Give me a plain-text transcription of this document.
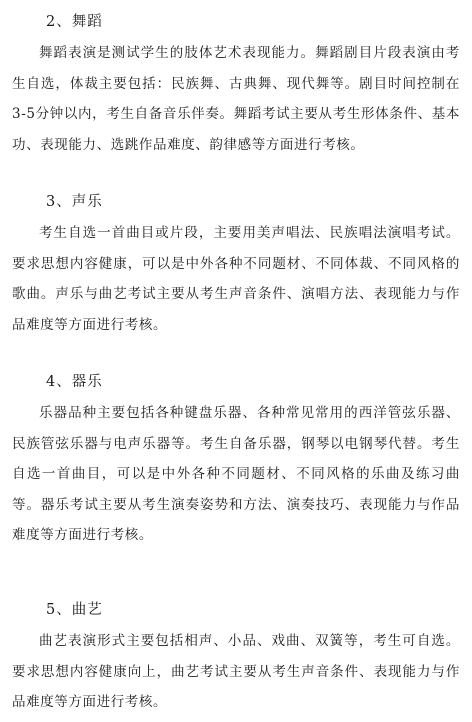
2、舞蹈

舞蹈表演是测试学生的肢体艺术表现能力。舞蹈剧目片段表演由考生自选，体裁主要包括：民族舞、古典舞、现代舞等。剧目时间控制在3-5分钟以内，考生自备音乐伴奏。舞蹈考试主要从考生形体条件、基本功、表现能力、选跳作品难度、韵律感等方面进行考核。

3、声乐

考生自选一首曲目或片段，主要用美声唱法、民族唱法演唱考试。要求思想内容健康，可以是中外各种不同题材、不同体裁、不同风格的歌曲。声乐与曲艺考试主要从考生声音条件、演唱方法、表现能力与作品难度等方面进行考核。

4、器乐

乐器品种主要包括各种键盘乐器、各种常见常用的西洋管弦乐器、民族管弦乐器与电声乐器等。考生自备乐器，钢琴以电钢琴代替。考生自选一首曲目，可以是中外各种不同题材、不同风格的乐曲及练习曲等。器乐考试主要从考生演奏姿势和方法、演奏技巧、表现能力与作品难度等方面进行考核。

5、曲艺

曲艺表演形式主要包括相声、小品、戏曲、双簧等，考生可自选。要求思想内容健康向上，曲艺考试主要从考生声音条件、表现能力与作品难度等方面进行考核。
